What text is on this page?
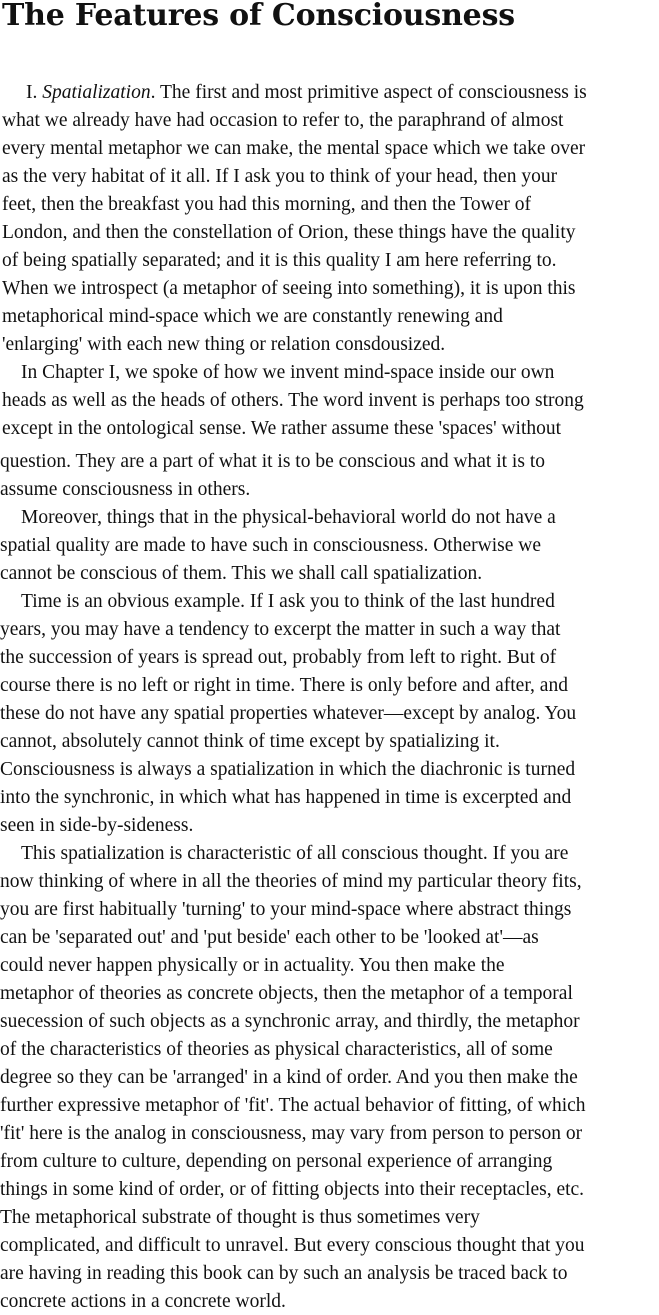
The Features of Consciousness
I. Spatialization. The first and most primitive aspect of consciousness is
what we already have had occasion to refer to, the paraphrand of almost
every mental metaphor we can make, the mental space which we take over
as the very habitat of it all. If I ask you to think of your head, then your
feet, then the breakfast you had this morning, and then the Tower of
London, and then the constellation of Orion, these things have the quality
of being spatially separated; and it is this quality I am here referring to.
When we introspect (a metaphor of seeing into something), it is upon this
metaphorical mind-space which we are constantly renewing and
'enlarging' with each new thing or relation consdousized.
In Chapter I, we spoke of how we invent mind-space inside our own
heads as well as the heads of others. The word invent is perhaps too strong
except in the ontological sense. We rather assume these 'spaces' without
question. They are a part of what it is to be conscious and what it is to
assume consciousness in others.
Moreover, things that in the physical-behavioral world do not have a
spatial quality are made to have such in consciousness. Otherwise we
cannot be conscious of them. This we shall call spatialization.
Time is an obvious example. If I ask you to think of the last hundred
years, you may have a tendency to excerpt the matter in such a way that
the succession of years is spread out, probably from left to right. But of
course there is no left or right in time. There is only before and after, and
these do not have any spatial properties whatever—except by analog. You
cannot, absolutely cannot think of time except by spatializing it.
Consciousness is always a spatialization in which the diachronic is turned
into the synchronic, in which what has happened in time is excerpted and
seen in side-by-sideness.
This spatialization is characteristic of all conscious thought. If you are
now thinking of where in all the theories of mind my particular theory fits,
you are first habitually 'turning' to your mind-space where abstract things
can be 'separated out' and 'put beside' each other to be 'looked at'—as
could never happen physically or in actuality. You then make the
metaphor of theories as concrete objects, then the metaphor of a temporal
suecession of such objects as a synchronic array, and thirdly, the metaphor
of the characteristics of theories as physical characteristics, all of some
degree so they can be 'arranged' in a kind of order. And you then make the
further expressive metaphor of 'fit'. The actual behavior of fitting, of which
'fit' here is the analog in consciousness, may vary from person to person or
from culture to culture, depending on personal experience of arranging
things in some kind of order, or of fitting objects into their receptacles, etc.
The metaphorical substrate of thought is thus sometimes very
complicated, and difficult to unravel. But every conscious thought that you
are having in reading this book can by such an analysis be traced back to
concrete actions in a concrete world.
